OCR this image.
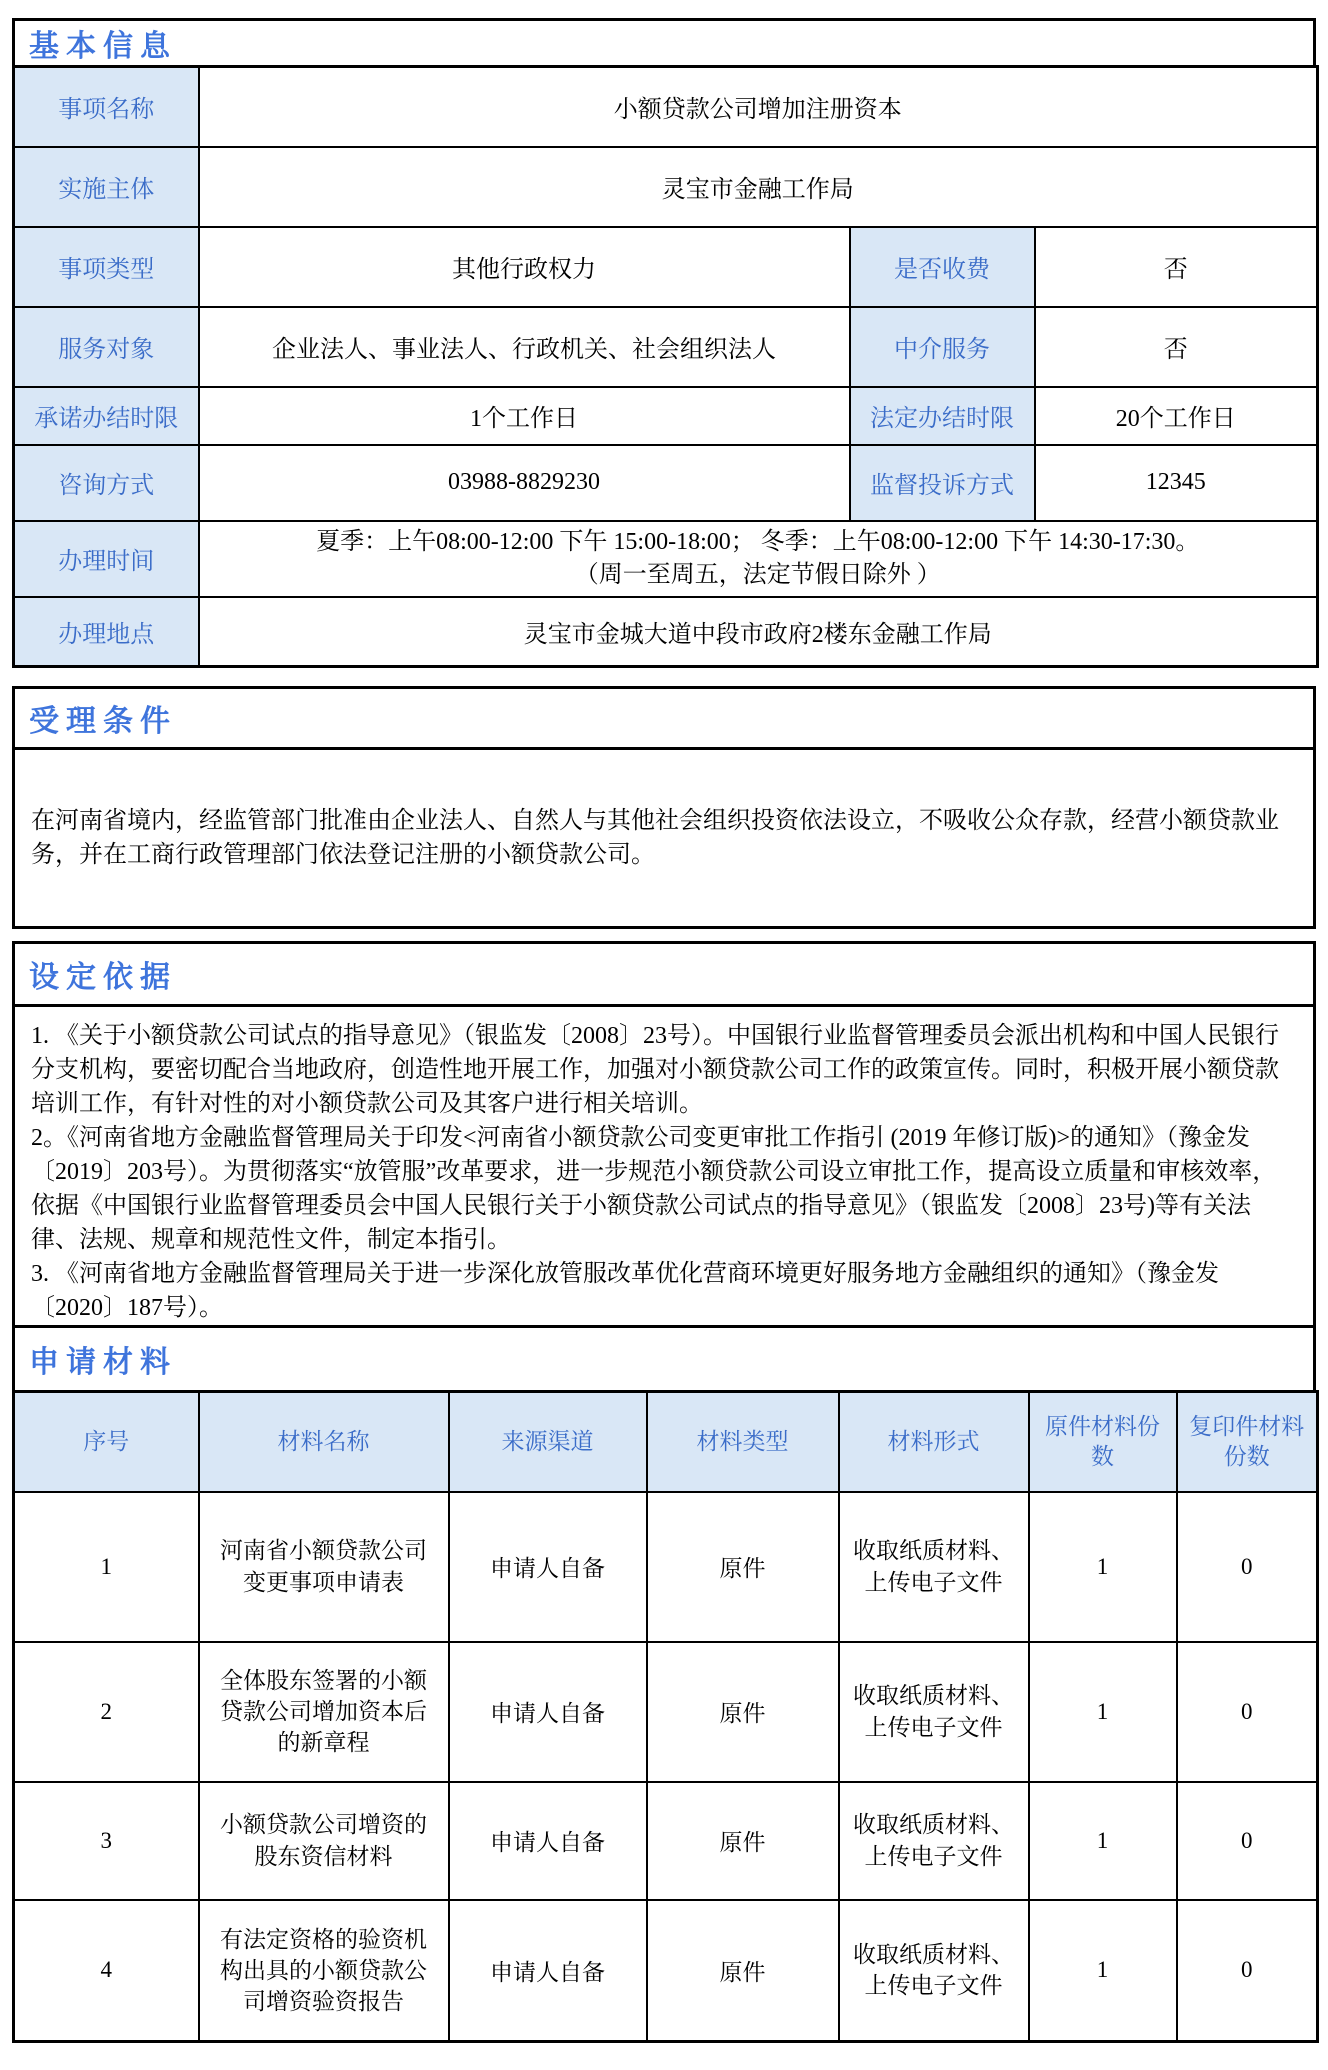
基本信息
事项名称	小额贷款公司增加注册资本		
实施主体	灵宝市金融工作局		
事项类型	其他行政权力	是否收费	否
服务对象	企业法人、事业法人、行政机关、社会组织法人	中介服务	否
承诺办结时限	1个工作日	法定办结时限	20个工作日
咨询方式	03988-8829230	监督投诉方式	12345
办理时间	夏季：上午08:00-12:00 下午 15:00-18:00； 冬季：上午08:00-12:00 下午 14:30-17:30。
（周一至周五，法定节假日除外 ）		

办理地点	灵宝市金城大道中段市政府2楼东金融工作局		
受理条件

在河南省境内，经监管部门批准由企业法人、自然人与其他社会组织投资依法设立，不吸收公众存款，经营小额贷款业务，并在工商行政管理部门依法登记注册的小额贷款公司。

设定依据

1. 《关于小额贷款公司试点的指导意见》（银监发〔2008〕23号）。中国银行业监督管理委员会派出机构和中国人民银行分支机构，要密切配合当地政府，创造性地开展工作，加强对小额贷款公司工作的政策宣传。同时，积极开展小额贷款培训工作，有针对性的对小额贷款公司及其客户进行相关培训。

2。《河南省地方金融监督管理局关于印发<河南省小额贷款公司变更审批工作指引 (2019 年修订版)>的通知》（豫金发〔2019〕203号）。为贯彻落实“放管服”改革要求，进一步规范小额贷款公司设立审批工作，提高设立质量和审核效率，依据《中国银行业监督管理委员会中国人民银行关于小额贷款公司试点的指导意见》（银监发〔2008〕23号)等有关法律、法规、规章和规范性文件，制定本指引。

3. 《河南省地方金融监督管理局关于进一步深化放管服改革优化营商环境更好服务地方金融组织的通知》（豫金发〔2020〕187号）。

申请材料
序号	材料名称	来源渠道	材料类型	材料形式	原件材料份数	复印件材料份数
1	河南省小额贷款公司变更事项申请表	申请人自备	原件	收取纸质材料、上传电子文件	1	0
2	全体股东签署的小额贷款公司增加资本后的新章程	申请人自备	原件	收取纸质材料、上传电子文件	1	0
3	小额贷款公司增资的股东资信材料	申请人自备	原件	收取纸质材料、上传电子文件	1	0
4	有法定资格的验资机构出具的小额贷款公司增资验资报告	申请人自备	原件	收取纸质材料、上传电子文件	1	0
